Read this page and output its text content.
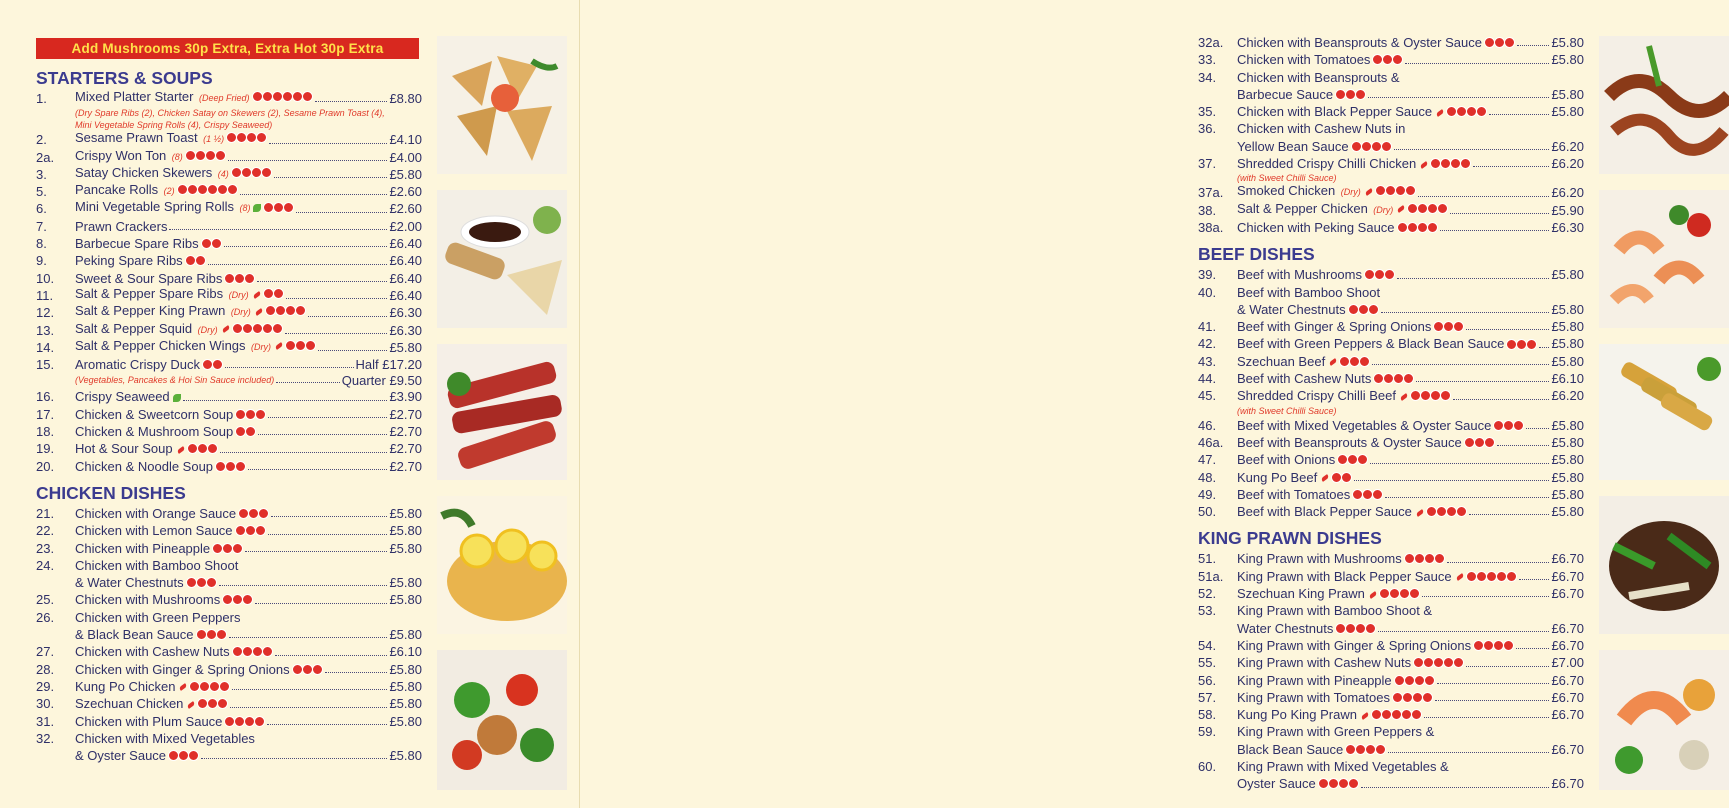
Add Mushrooms 30p Extra, Extra Hot 30p Extra
STARTERS & SOUPS
1.	Mixed Platter Starter (Deep Fried)	£8.80
(Dry Spare Ribs (2), Chicken Satay on Skewers (2), Sesame Prawn Toast (4),
Mini Vegetable Spring Rolls (4), Crispy Seaweed)
2.	Sesame Prawn Toast (1 ½)	£4.10
2a.	Crispy Won Ton (8)	£4.00
3.	Satay Chicken Skewers (4)	£5.80
5.	Pancake Rolls (2)	£2.60
6.	Mini Vegetable Spring Rolls (8)	£2.60
7.	Prawn Crackers	£2.00
8.	Barbecue Spare Ribs	£6.40
9.	Peking Spare Ribs	£6.40
10.	Sweet & Sour Spare Ribs	£6.40
11.	Salt & Pepper Spare Ribs (Dry)	£6.40
12.	Salt & Pepper King Prawn (Dry)	£6.30
13.	Salt & Pepper Squid (Dry)	£6.30
14.	Salt & Pepper Chicken Wings (Dry)	£5.80
15.	Aromatic Crispy Duck	Half £17.20
(Vegetables, Pancakes & Hoi Sin Sauce included)	Quarter £9.50
16.	Crispy Seaweed	£3.90
17.	Chicken & Sweetcorn Soup	£2.70
18.	Chicken & Mushroom Soup	£2.70
19.	Hot & Sour Soup	£2.70
20.	Chicken & Noodle Soup	£2.70
CHICKEN DISHES
21.	Chicken with Orange Sauce	£5.80
22.	Chicken with Lemon Sauce	£5.80
23.	Chicken with Pineapple	£5.80
24.	Chicken with Bamboo Shoot
& Water Chestnuts	£5.80
25.	Chicken with Mushrooms	£5.80
26.	Chicken with Green Peppers
& Black Bean Sauce	£5.80
27.	Chicken with Cashew Nuts	£6.10
28.	Chicken with Ginger & Spring Onions	£5.80
29.	Kung Po Chicken	£5.80
30.	Szechuan Chicken	£5.80
31.	Chicken with Plum Sauce	£5.80
32.	Chicken with Mixed Vegetables
& Oyster Sauce	£5.80
32a.	Chicken with Beansprouts & Oyster Sauce	£5.80
33.	Chicken with Tomatoes	£5.80
34.	Chicken with Beansprouts &
Barbecue Sauce	£5.80
35.	Chicken with Black Pepper Sauce	£5.80
36.	Chicken with Cashew Nuts in
Yellow Bean Sauce	£6.20
37.	Shredded Crispy Chilli Chicken	£6.20
(with Sweet Chilli Sauce)
37a.	Smoked Chicken (Dry)	£6.20
38.	Salt & Pepper Chicken (Dry)	£5.90
38a.	Chicken with Peking Sauce	£6.30
BEEF DISHES
39.	Beef with Mushrooms	£5.80
40.	Beef with Bamboo Shoot
& Water Chestnuts	£5.80
41.	Beef with Ginger & Spring Onions	£5.80
42.	Beef with Green Peppers & Black Bean Sauce	£5.80
43.	Szechuan Beef	£5.80
44.	Beef with Cashew Nuts	£6.10
45.	Shredded Crispy Chilli Beef	£6.20
(with Sweet Chilli Sauce)
46.	Beef with Mixed Vegetables & Oyster Sauce	£5.80
46a.	Beef with Beansprouts & Oyster Sauce	£5.80
47.	Beef with Onions	£5.80
48.	Kung Po Beef	£5.80
49.	Beef with Tomatoes	£5.80
50.	Beef with Black Pepper Sauce	£5.80
KING PRAWN DISHES
51.	King Prawn with Mushrooms	£6.70
51a.	King Prawn with Black Pepper Sauce	£6.70
52.	Szechuan King Prawn	£6.70
53.	King Prawn with Bamboo Shoot &
Water Chestnuts	£6.70
54.	King Prawn with Ginger & Spring Onions	£6.70
55.	King Prawn with Cashew Nuts	£7.00
56.	King Prawn with Pineapple	£6.70
57.	King Prawn with Tomatoes	£6.70
58.	Kung Po King Prawn	£6.70
59.	King Prawn with Green Peppers &
Black Bean Sauce	£6.70
60.	King Prawn with Mixed Vegetables &
Oyster Sauce	£6.70
